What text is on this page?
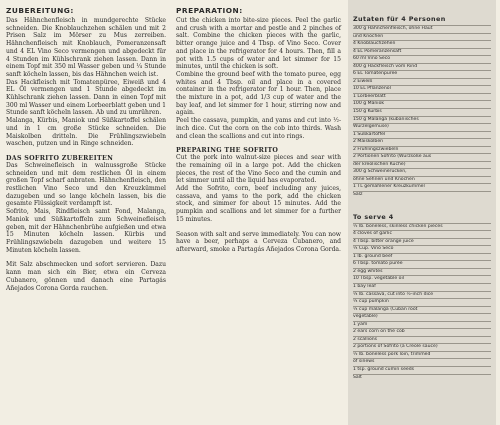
ZUBEREITUNG:

Das Hähnchenfleisch in mundgerechte Stücke schneiden. Die Knoblauchzehen schälen und mit 2 Prisen Salz im Mörser zu Mus zerreiben. Hähnchenfleisch mit Knoblauch, Pomeranzensaft und 4 EL Vino Seco vermengen und abgedeckt für 4 Stunden im Kühlschrank ziehen lassen. Dann in einem Topf mit 350 ml Wasser geben und ¼ Stunde sanft köcheln lassen, bis das Hähnchen weich ist.

Das Hackfleisch mit Tomatenpüree, Eiweiß und 4 EL Öl vermengen und 1 Stunde abgedeckt im Kühlschrank ziehen lassen. Dann in einen Topf mit 300 ml Wasser und einem Lorbeerblatt geben und 1 Stunde sanft köcheln lassen. Ab und zu umrühren.

Malanga, Kürbis, Maniok und Süßkartoffel schälen und in 1 cm große Stücke schneiden. Die Maiskolben dritteln. Die Frühlingszwiebeln waschen, putzen und in Ringe schneiden.

DAS SOFRITO ZUBEREITEN

Das Schweinefleisch in walnussgroße Stücke schneiden und mit dem restlichen Öl in einem großen Topf scharf anbraten. Hähnchenfleisch, den restlichen Vino Seco und den Kreuzkümmel dazugeben und so lange köcheln lassen, bis die gesamte Flüssigkeit verdampft ist.

Sofrito, Mais, Rindfleisch samt Fond, Malanga, Maniok und Süßkartoffeln zum Schweinefleisch geben, mit der Hähnchenbrühe aufgießen und etwa 15 Minuten köcheln lassen. Kürbis und Frühlingszwiebeln dazugeben und weitere 15 Minuten köcheln lassen.

Mit Salz abschmecken und sofort servieren. Dazu kann man sich ein Bier, etwa ein Cerveza Cubanero, gönnen und danach eine Partagás Añejados Corona Gorda rauchen.

PREPARATION:

Cut the chicken into bite-size pieces. Peel the garlic and crush with a mortar and pestle and 2 pinches of salt. Combine the chicken pieces with the garlic, bitter orange juice and 4 Tbsp. of Vino Seco. Cover and place in the refrigerator for 4 hours. Then, fill a pot with 1.5 cups of water and let simmer for 15 minutes, until the chicken is soft.

Combine the ground beef with the tomato puree, egg whites and 4 Tbsp. oil and place in a covered container in the refrigerator for 1 hour. Then, place the mixture in a pot, add 1/3 cup of water and the bay leaf, and let simmer for 1 hour, stirring now and again.

Peel the cassava, pumpkin, and yams and cut into ½-inch dice. Cut the corn on the cob into thirds. Wash and clean the scallions and cut into rings.

PREPARING THE SOFRITO

Cut the pork into walnut-size pieces and sear with the remaining oil in a large pot. Add the chicken pieces, the rest of the Vino Seco and the cumin and let simmer until all the liquid has evaporated.

Add the Sofrito, corn, beef including any juices, cassava, and yams to the pork, add the chicken stock, and simmer for about 15 minutes. Add the pumpkin and scallions and let simmer for a further 15 minutes.

Season with salt and serve immediately. You can now have a beer, perhaps a Cerveza Cubanero, and afterward, smoke a Partagás Añejados Corona Gorda.

Zutaten für 4 Personen
300 g Hähnchenfleisch, ohne Haut
und Knochen
4 Knoblauchzehen
4 EL Pomeranzensaft
60 ml Vino Seco
400 g Hackfleisch vom Rind
6 EL Tomatenpüree
2 Eiweiß
10 EL Pflanzenöl
1 Lorbeerblatt
100 g Maniok
150 g Kürbis
150 g Malanga (kubanisches
Wurzelgemüse)
1 Süßkartoffel
2 Maiskolben
2 Frühlingszwiebeln
2 Portionen Sofrito (Würzsoße aus
der kreolischen Küche)
300 g Schweinerücken,
ohne Sehnen und Knochen
1 TL gemahlener Kreuzkümmel
Salz
To serve 4
½ lb. boneless, skinless chicken pieces
4 cloves of garlic
4 Tbsp. bitter orange juice
¼ Cup. Vino Seco
1 lb. ground beef
6 Tbsp. tomato purée
2 egg whites
10 Tbsp. vegetable oil
1 bay leaf
¼ lb. cassava, cut into ½-inch dice
¼ cup pumpkin
¼ cup malanga (Cuban root
vegetable)
1 yam
2 ears corn on the cob
2 scallions
2 portions of Sofrito (a Creole sauce)
½ lb. boneless pork loin, trimmed
of sinews
1 tsp. ground cumin seeds
Salt
